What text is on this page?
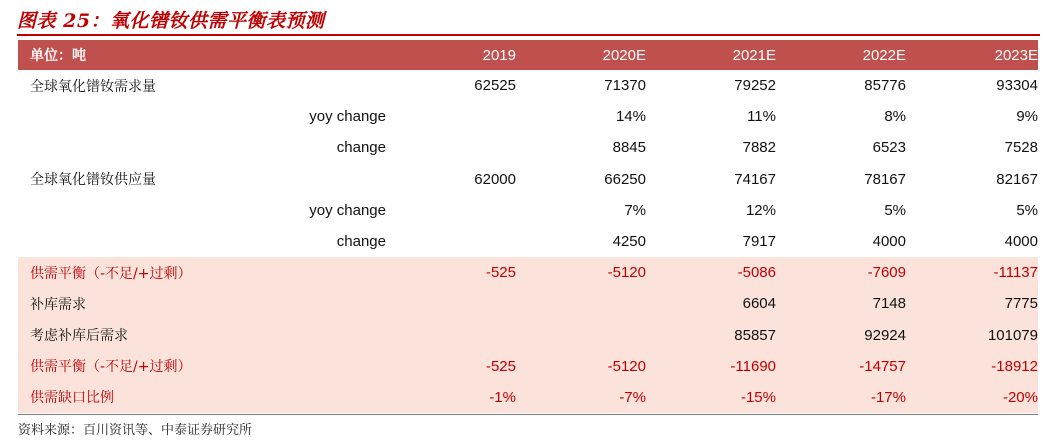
图表 25：氧化镨钕供需平衡表预测
单位：吨		2019	2020E	2021E	2022E	2023E
全球氧化镨钕需求量		62525	71370	79252	85776	93304
	yoy change		14%	11%	8%	9%
	change		8845	7882	6523	7528
全球氧化镨钕供应量		62000	66250	74167	78167	82167
	yoy change		7%	12%	5%	5%
	change		4250	7917	4000	4000
供需平衡（-不足/+过剩）		-525	-5120	-5086	-7609	-11137
补库需求				6604	7148	7775
考虑补库后需求				85857	92924	101079
供需平衡（-不足/+过剩）		-525	-5120	-11690	-14757	-18912
供需缺口比例		-1%	-7%	-15%	-17%	-20%
资料来源：百川资讯等、中泰证券研究所
